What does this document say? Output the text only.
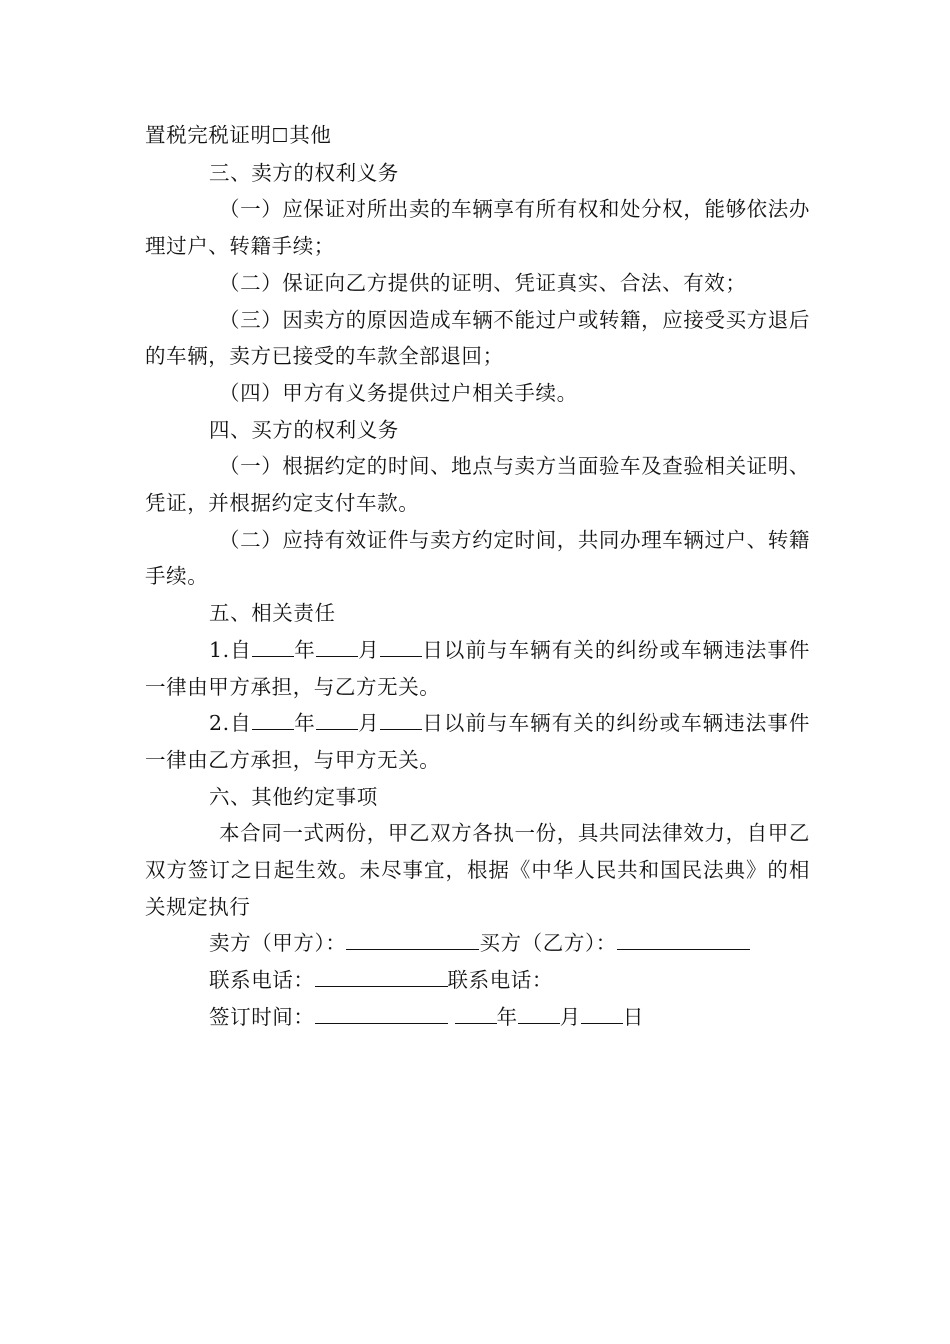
置税完税证明☐其他

三、卖方的权利义务

（一）应保证对所出卖的车辆享有所有权和处分权，能够依法办理过户、转籍手续；

（二）保证向乙方提供的证明、凭证真实、合法、有效；

（三）因卖方的原因造成车辆不能过户或转籍，应接受买方退后的车辆，卖方已接受的车款全部退回；

（四）甲方有义务提供过户相关手续。

四、买方的权利义务

（一）根据约定的时间、地点与卖方当面验车及查验相关证明、凭证，并根据约定支付车款。

（二）应持有效证件与卖方约定时间，共同办理车辆过户、转籍手续。

五、相关责任

1.自 年 月 日以前与车辆有关的纠纷或车辆违法事件一律由甲方承担，与乙方无关。

2.自 年 月 日以前与车辆有关的纠纷或车辆违法事件一律由乙方承担，与甲方无关。

六、其他约定事项

本合同一式两份，甲乙双方各执一份，具共同法律效力，自甲乙双方签订之日起生效。未尽事宜，根据《中华人民共和国民法典》的相关规定执行

卖方（甲方）：	买方（乙方）：

联系电话：	联系电话：

签订时间：	年 月 日
